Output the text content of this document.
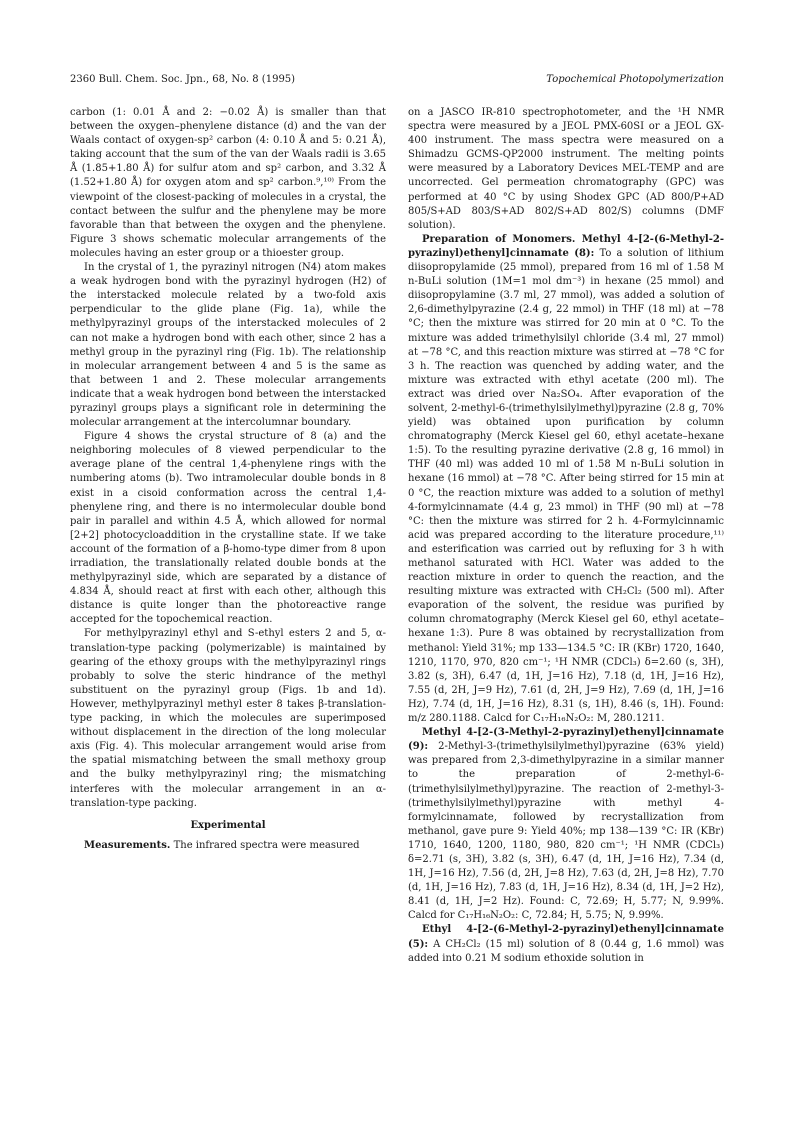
2360 Bull. Chem. Soc. Jpn., 68, No. 8 (1995)	Topochemical Photopolymerization

carbon (1: 0.01 Å and 2: −0.02 Å) is smaller than that between the oxygen–phenylene distance (d) and the van der Waals contact of oxygen-sp² carbon (4: 0.10 Å and 5: 0.21 Å), taking account that the sum of the van der Waals radii is 3.65 Å (1.85+1.80 Å) for sulfur atom and sp² carbon, and 3.32 Å (1.52+1.80 Å) for oxygen atom and sp² carbon.⁹,¹⁰⁾ From the viewpoint of the closest-packing of molecules in a crystal, the contact between the sulfur and the phenylene may be more favorable than that between the oxygen and the phenylene. Figure 3 shows schematic molecular arrangements of the molecules having an ester group or a thioester group.

In the crystal of 1, the pyrazinyl nitrogen (N4) atom makes a weak hydrogen bond with the pyrazinyl hydrogen (H2) of the interstacked molecule related by a two-fold axis perpendicular to the glide plane (Fig. 1a), while the methylpyrazinyl groups of the interstacked molecules of 2 can not make a hydrogen bond with each other, since 2 has a methyl group in the pyrazinyl ring (Fig. 1b). The relationship in molecular arrangement between 4 and 5 is the same as that between 1 and 2. These molecular arrangements indicate that a weak hydrogen bond between the interstacked pyrazinyl groups plays a significant role in determining the molecular arrangement at the intercolumnar boundary.

Figure 4 shows the crystal structure of 8 (a) and the neighboring molecules of 8 viewed perpendicular to the average plane of the central 1,4-phenylene rings with the numbering atoms (b). Two intramolecular double bonds in 8 exist in a cisoid conformation across the central 1,4-phenylene ring, and there is no intermolecular double bond pair in parallel and within 4.5 Å, which allowed for normal [2+2] photocycloaddition in the crystalline state. If we take account of the formation of a β-homo-type dimer from 8 upon irradiation, the translationally related double bonds at the methylpyrazinyl side, which are separated by a distance of 4.834 Å, should react at first with each other, although this distance is quite longer than the photoreactive range accepted for the topochemical reaction.

For methylpyrazinyl ethyl and S-ethyl esters 2 and 5, α-translation-type packing (polymerizable) is maintained by gearing of the ethoxy groups with the methylpyrazinyl rings probably to solve the steric hindrance of the methyl substituent on the pyrazinyl group (Figs. 1b and 1d). However, methylpyrazinyl methyl ester 8 takes β-translation-type packing, in which the molecules are superimposed without displacement in the direction of the long molecular axis (Fig. 4). This molecular arrangement would arise from the spatial mismatching between the small methoxy group and the bulky methylpyrazinyl ring; the mismatching interferes with the molecular arrangement in an α-translation-type packing.

Experimental

Measurements. The infrared spectra were measured

on a JASCO IR-810 spectrophotometer, and the ¹H NMR spectra were measured by a JEOL PMX-60SI or a JEOL GX-400 instrument. The mass spectra were measured on a Shimadzu GCMS-QP2000 instrument. The melting points were measured by a Laboratory Devices MEL-TEMP and are uncorrected. Gel permeation chromatography (GPC) was performed at 40 °C by using Shodex GPC (AD 800/P+AD 805/S+AD 803/S+AD 802/S+AD 802/S) columns (DMF solution).

Preparation of Monomers. Methyl 4-[2-(6-Methyl-2-pyrazinyl)ethenyl]cinnamate (8): To a solution of lithium diisopropylamide (25 mmol), prepared from 16 ml of 1.58 M n-BuLi solution (1M=1 mol dm⁻³) in hexane (25 mmol) and diisopropylamine (3.7 ml, 27 mmol), was added a solution of 2,6-dimethylpyrazine (2.4 g, 22 mmol) in THF (18 ml) at −78 °C; then the mixture was stirred for 20 min at 0 °C. To the mixture was added trimethylsilyl chloride (3.4 ml, 27 mmol) at −78 °C, and this reaction mixture was stirred at −78 °C for 3 h. The reaction was quenched by adding water, and the mixture was extracted with ethyl acetate (200 ml). The extract was dried over Na₂SO₄. After evaporation of the solvent, 2-methyl-6-(trimethylsilylmethyl)pyrazine (2.8 g, 70% yield) was obtained upon purification by column chromatography (Merck Kiesel gel 60, ethyl acetate–hexane 1:5). To the resulting pyrazine derivative (2.8 g, 16 mmol) in THF (40 ml) was added 10 ml of 1.58 M n-BuLi solution in hexane (16 mmol) at −78 °C. After being stirred for 15 min at 0 °C, the reaction mixture was added to a solution of methyl 4-formylcinnamate (4.4 g, 23 mmol) in THF (90 ml) at −78 °C: then the mixture was stirred for 2 h. 4-Formylcinnamic acid was prepared according to the literature procedure,¹¹⁾ and esterification was carried out by refluxing for 3 h with methanol saturated with HCl. Water was added to the reaction mixture in order to quench the reaction, and the resulting mixture was extracted with CH₂Cl₂ (500 ml). After evaporation of the solvent, the residue was purified by column chromatography (Merck Kiesel gel 60, ethyl acetate–hexane 1:3). Pure 8 was obtained by recrystallization from methanol: Yield 31%; mp 133—134.5 °C: IR (KBr) 1720, 1640, 1210, 1170, 970, 820 cm⁻¹; ¹H NMR (CDCl₃) δ=2.60 (s, 3H), 3.82 (s, 3H), 6.47 (d, 1H, J=16 Hz), 7.18 (d, 1H, J=16 Hz), 7.55 (d, 2H, J=9 Hz), 7.61 (d, 2H, J=9 Hz), 7.69 (d, 1H, J=16 Hz), 7.74 (d, 1H, J=16 Hz), 8.31 (s, 1H), 8.46 (s, 1H). Found: m/z 280.1188. Calcd for C₁₇H₁₆N₂O₂: M, 280.1211.

Methyl 4-[2-(3-Methyl-2-pyrazinyl)ethenyl]cinnamate (9): 2-Methyl-3-(trimethylsilylmethyl)pyrazine (63% yield) was prepared from 2,3-dimethylpyrazine in a similar manner to the preparation of 2-methyl-6-(trimethylsilylmethyl)pyrazine. The reaction of 2-methyl-3-(trimethylsilylmethyl)pyrazine with methyl 4-formylcinnamate, followed by recrystallization from methanol, gave pure 9: Yield 40%; mp 138—139 °C: IR (KBr) 1710, 1640, 1200, 1180, 980, 820 cm⁻¹; ¹H NMR (CDCl₃) δ=2.71 (s, 3H), 3.82 (s, 3H), 6.47 (d, 1H, J=16 Hz), 7.34 (d, 1H, J=16 Hz), 7.56 (d, 2H, J=8 Hz), 7.63 (d, 2H, J=8 Hz), 7.70 (d, 1H, J=16 Hz), 7.83 (d, 1H, J=16 Hz), 8.34 (d, 1H, J=2 Hz), 8.41 (d, 1H, J=2 Hz). Found: C, 72.69; H, 5.77; N, 9.99%. Calcd for C₁₇H₁₆N₂O₂: C, 72.84; H, 5.75; N, 9.99%.

Ethyl 4-[2-(6-Methyl-2-pyrazinyl)ethenyl]cinnamate (5): A CH₂Cl₂ (15 ml) solution of 8 (0.44 g, 1.6 mmol) was added into 0.21 M sodium ethoxide solution in
